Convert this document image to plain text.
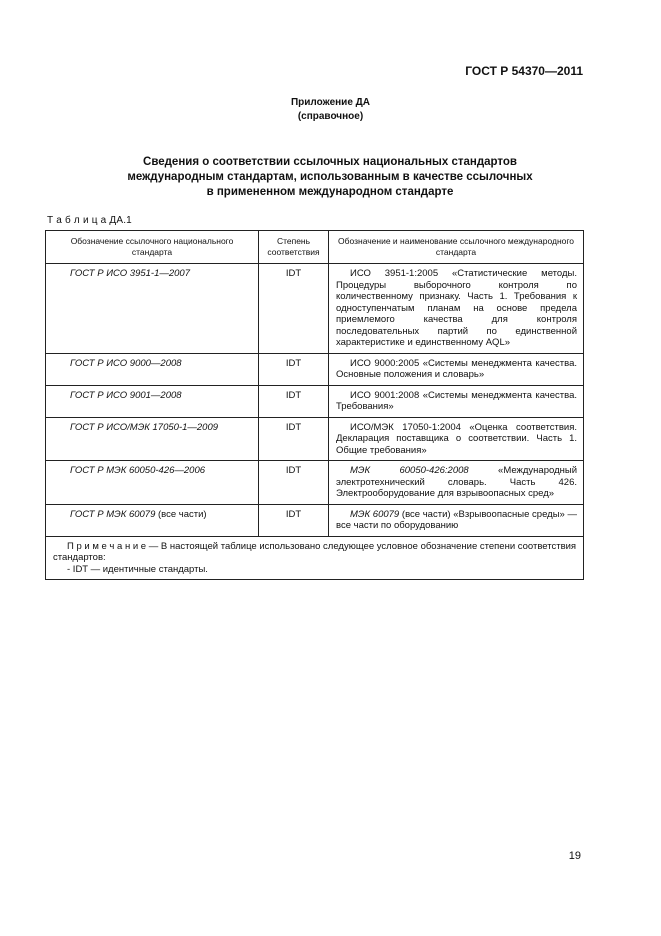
ГОСТ Р 54370—2011
Приложение ДА
(справочное)
Сведения о соответствии ссылочных национальных стандартов
международным стандартам, использованным в качестве ссылочных
в примененном международном стандарте
Т а б л и ц а ДА.1
Обозначение ссылочного национального стандарта	Степень соответствия	Обозначение и наименование ссылочного международного стандарта
ГОСТ Р ИСО 3951-1—2007	IDT	ИСО 3951-1:2005 «Статистические методы. Процедуры выборочного контроля по количественному признаку. Часть 1. Требования к одноступенчатым планам на основе предела приемлемого качества для контроля последовательных партий по единственной характеристике и единственному AQL»
ГОСТ Р ИСО 9000—2008	IDT	ИСО 9000:2005 «Системы менеджмента качества. Основные положения и словарь»
ГОСТ Р ИСО 9001—2008	IDT	ИСО 9001:2008 «Системы менеджмента качества. Требования»
ГОСТ Р ИСО/МЭК 17050-1—2009	IDT	ИСО/МЭК 17050-1:2004 «Оценка соответствия. Декларация поставщика о соответствии. Часть 1. Общие требования»
ГОСТ Р МЭК 60050-426—2006	IDT	МЭК 60050-426:2008 «Международный электротехнический словарь. Часть 426. Электрооборудование для взрывоопасных сред»
ГОСТ Р МЭК 60079 (все части)	IDT	МЭК 60079 (все части) «Взрывоопасные среды» — все части по оборудованию
П р и м е ч а н и е — В настоящей таблице использовано следующее условное обозначение степени соответствия стандартов:
- IDT — идентичные стандарты.		
19
